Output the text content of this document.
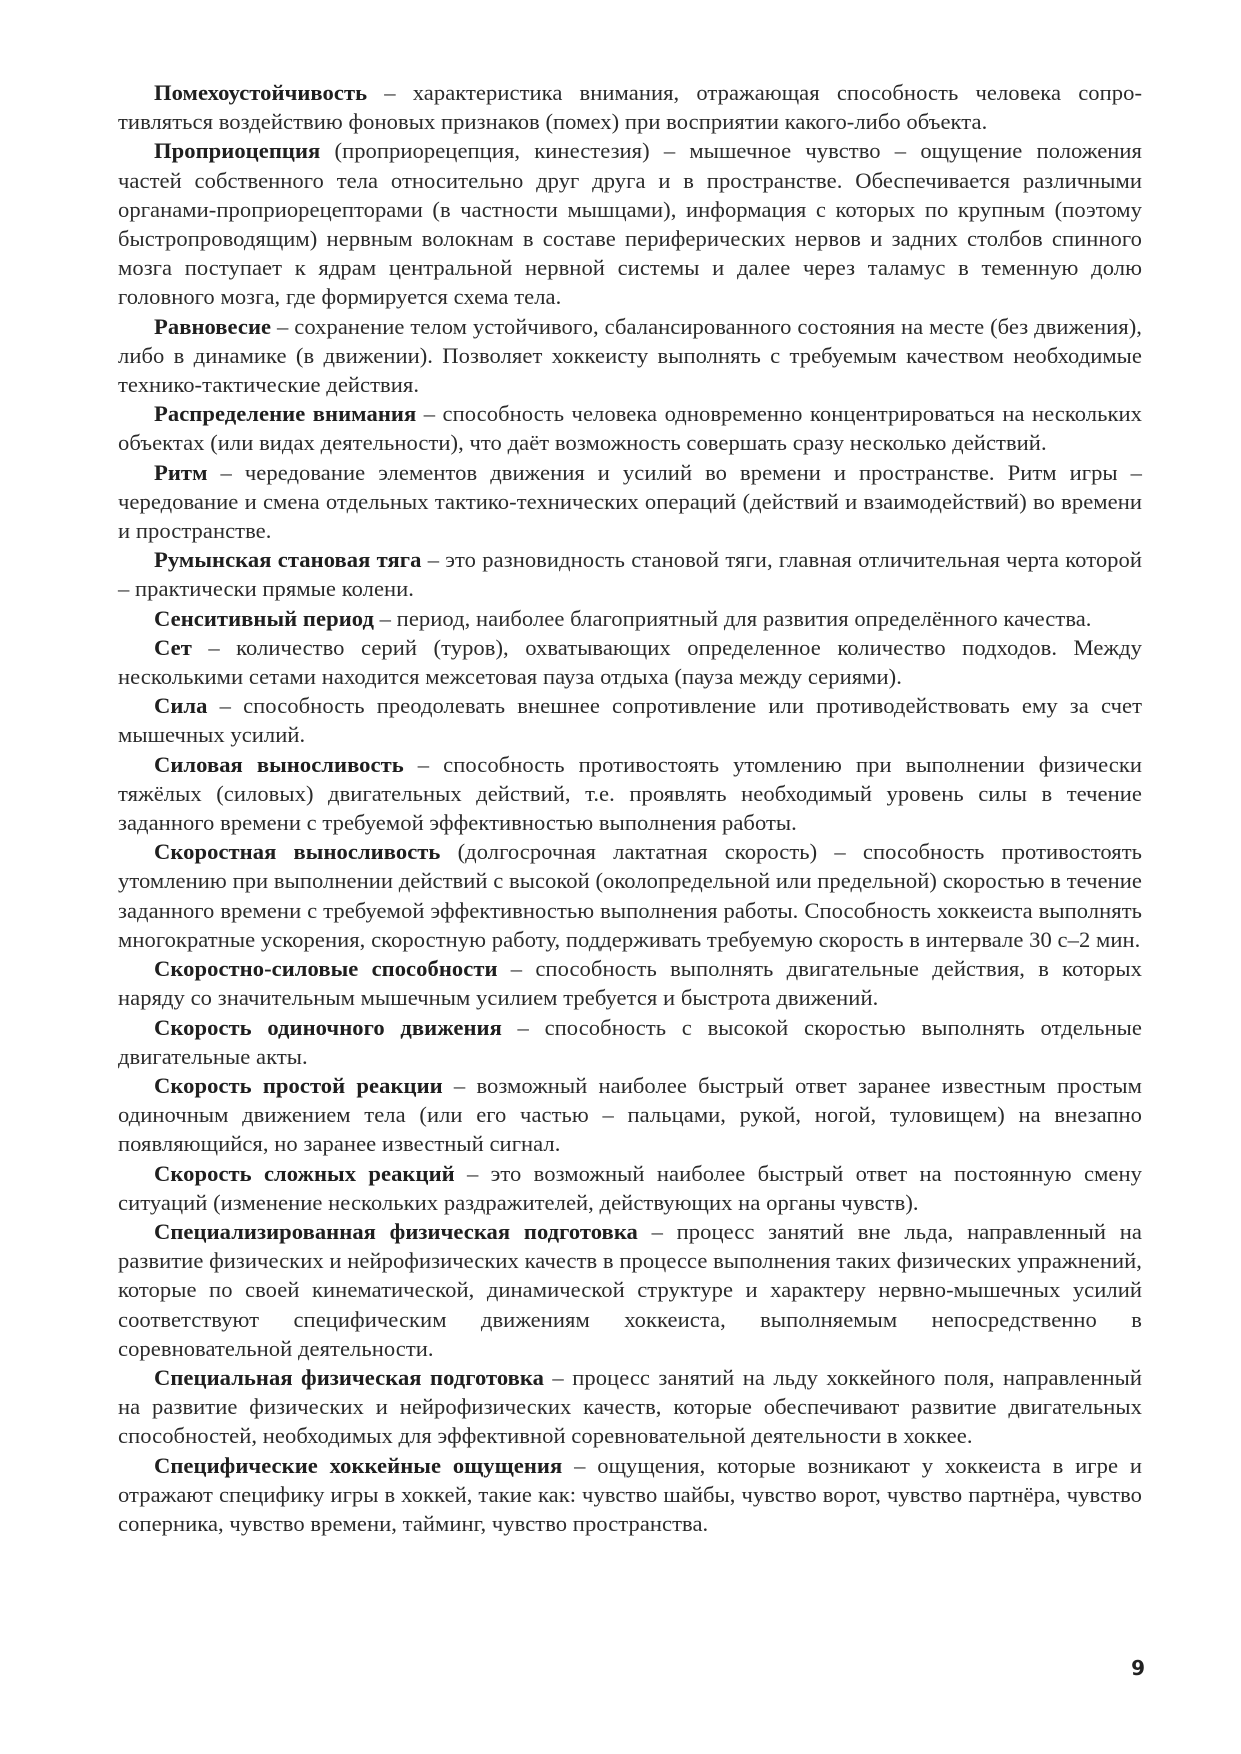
Помехоустойчивость – характеристика внимания, отражающая способность человека сопротивляться воздействию фоновых признаков (помех) при восприятии какого-либо объекта.

Проприоцепция (проприорецепция, кинестезия) – мышечное чувство – ощущение положения частей собственного тела относительно друг друга и в пространстве. Обеспечивается различными органами-проприорецепторами (в частности мышцами), информация с которых по крупным (поэтому быстропроводящим) нервным волокнам в составе периферических нервов и задних столбов спинного мозга поступает к ядрам центральной нервной системы и далее через таламус в теменную долю головного мозга, где формируется схема тела.

Равновесие – сохранение телом устойчивого, сбалансированного состояния на месте (без движения), либо в динамике (в движении). Позволяет хоккеисту выполнять с требуемым качеством необходимые технико-тактические действия.

Распределение внимания – способность человека одновременно концентрироваться на нескольких объектах (или видах деятельности), что даёт возможность совершать сразу несколько действий.

Ритм – чередование элементов движения и усилий во времени и пространстве. Ритм игры – чередование и смена отдельных тактико-технических операций (действий и взаимодействий) во времени и пространстве.

Румынская становая тяга – это разновидность становой тяги, главная отличительная черта которой – практически прямые колени.

Сенситивный период – период, наиболее благоприятный для развития определённого качества.

Сет – количество серий (туров), охватывающих определенное количество подходов. Между несколькими сетами находится межсетовая пауза отдыха (пауза между сериями).

Сила – способность преодолевать внешнее сопротивление или противодействовать ему за счет мышечных усилий.

Силовая выносливость – способность противостоять утомлению при выполнении физически тяжёлых (силовых) двигательных действий, т.е. проявлять необходимый уровень силы в течение заданного времени с требуемой эффективностью выполнения работы.

Скоростная выносливость (долгосрочная лактатная скорость) – способность противостоять утомлению при выполнении действий с высокой (околопредельной или предельной) скоростью в течение заданного времени с требуемой эффективностью выполнения работы. Способность хоккеиста выполнять многократные ускорения, скоростную работу, поддерживать требуемую скорость в интервале 30 с–2 мин.

Скоростно-силовые способности – способность выполнять двигательные действия, в которых наряду со значительным мышечным усилием требуется и быстрота движений.

Скорость одиночного движения – способность с высокой скоростью выполнять отдельные двигательные акты.

Скорость простой реакции – возможный наиболее быстрый ответ заранее известным простым одиночным движением тела (или его частью – пальцами, рукой, ногой, туловищем) на внезапно появляющийся, но заранее известный сигнал.

Скорость сложных реакций – это возможный наиболее быстрый ответ на постоянную смену ситуаций (изменение нескольких раздражителей, действующих на органы чувств).

Специализированная физическая подготовка – процесс занятий вне льда, направленный на развитие физических и нейрофизических качеств в процессе выполнения таких физических упражнений, которые по своей кинематической, динамической структуре и характеру нервно-мышечных усилий соответствуют специфическим движениям хоккеиста, выполняемым непосредственно в соревновательной деятельности.

Специальная физическая подготовка – процесс занятий на льду хоккейного поля, направленный на развитие физических и нейрофизических качеств, которые обеспечивают развитие двигательных способностей, необходимых для эффективной соревновательной деятельности в хоккее.

Специфические хоккейные ощущения – ощущения, которые возникают у хоккеиста в игре и отражают специфику игры в хоккей, такие как: чувство шайбы, чувство ворот, чувство партнёра, чувство соперника, чувство времени, тайминг, чувство пространства.

9
